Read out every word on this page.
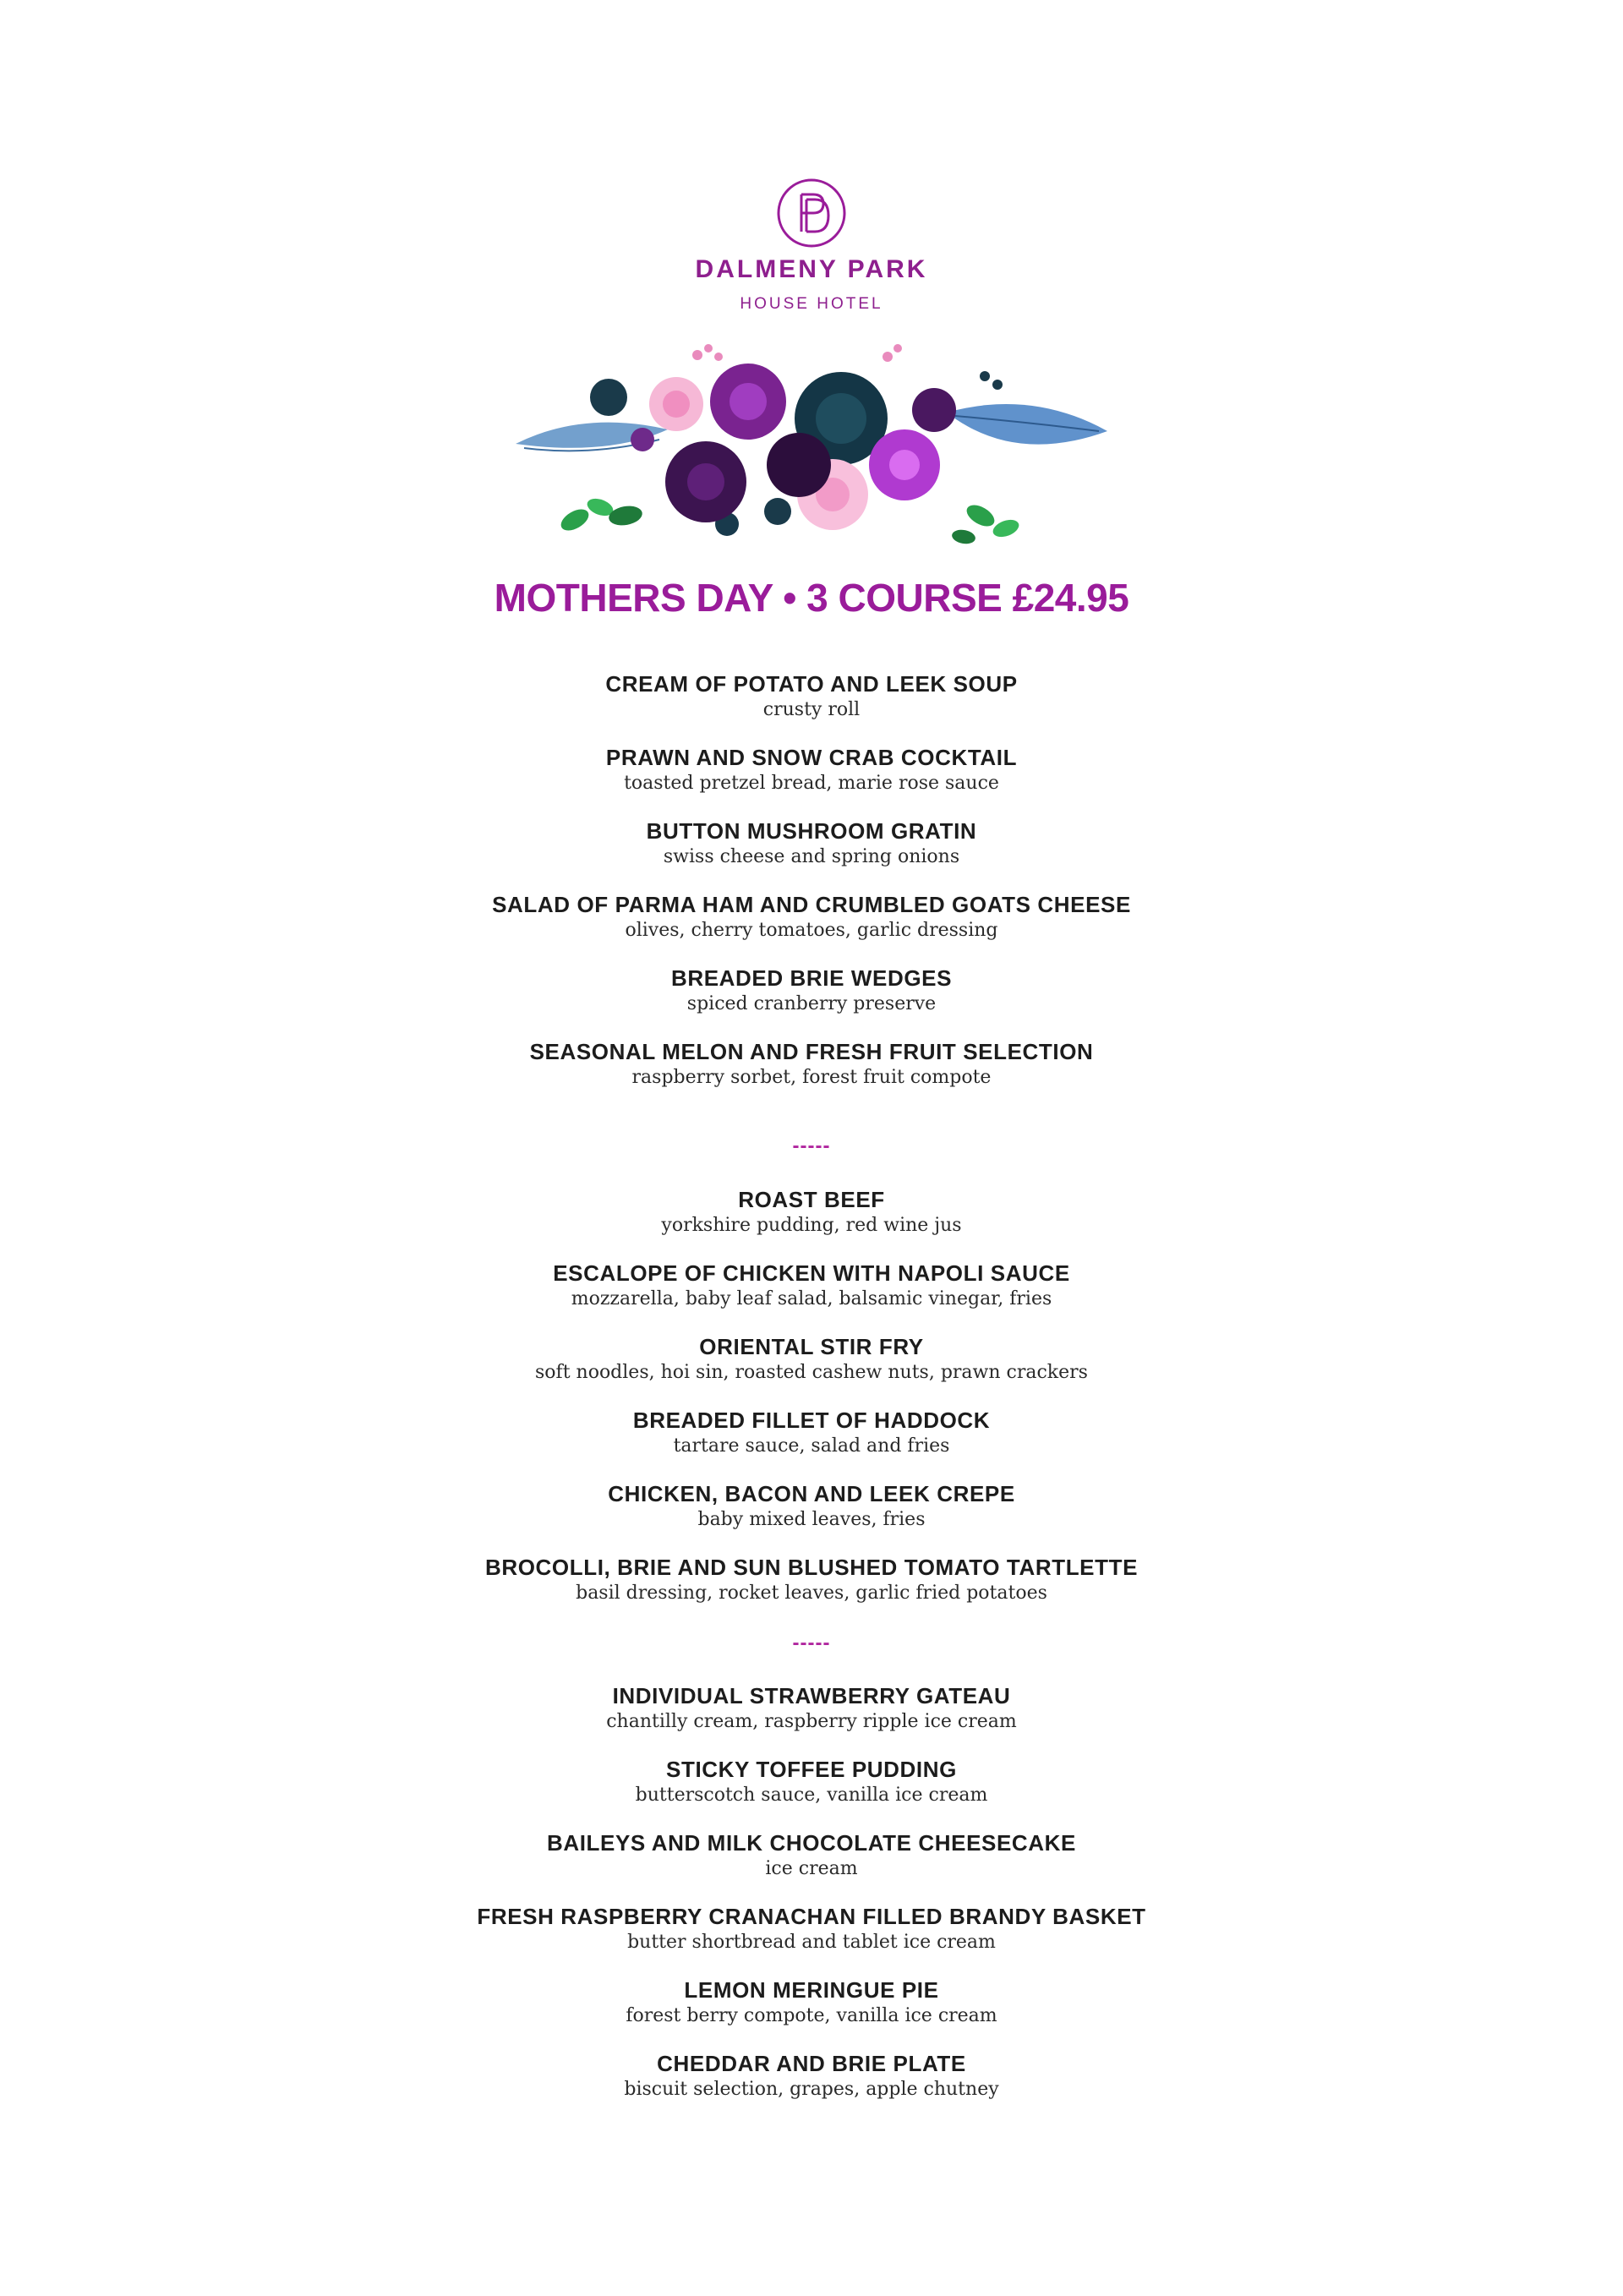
DALMENY PARK
HOUSE HOTEL
MOTHERS DAY • 3 COURSE £24.95
CREAM OF POTATO AND LEEK SOUP
crusty roll
PRAWN AND SNOW CRAB COCKTAIL
toasted pretzel bread, marie rose sauce
BUTTON MUSHROOM GRATIN
swiss cheese and spring onions
SALAD OF PARMA HAM AND CRUMBLED GOATS CHEESE
olives, cherry tomatoes, garlic dressing
BREADED BRIE WEDGES
spiced cranberry preserve
SEASONAL MELON AND FRESH FRUIT SELECTION
raspberry sorbet, forest fruit compote
-----
ROAST BEEF
yorkshire pudding, red wine jus
ESCALOPE OF CHICKEN WITH NAPOLI SAUCE
mozzarella, baby leaf salad, balsamic vinegar, fries
ORIENTAL STIR FRY
soft noodles, hoi sin, roasted cashew nuts, prawn crackers
BREADED FILLET OF HADDOCK
tartare sauce, salad and fries
CHICKEN, BACON AND LEEK CREPE
baby mixed leaves, fries
BROCOLLI, BRIE AND SUN BLUSHED TOMATO TARTLETTE
basil dressing, rocket leaves, garlic fried potatoes
-----
INDIVIDUAL STRAWBERRY GATEAU
chantilly cream, raspberry ripple ice cream
STICKY TOFFEE PUDDING
butterscotch sauce, vanilla ice cream
BAILEYS AND MILK CHOCOLATE CHEESECAKE
ice cream
FRESH RASPBERRY CRANACHAN FILLED BRANDY BASKET
butter shortbread and tablet ice cream
LEMON MERINGUE PIE
forest berry compote, vanilla ice cream
CHEDDAR AND BRIE PLATE
biscuit selection, grapes, apple chutney
